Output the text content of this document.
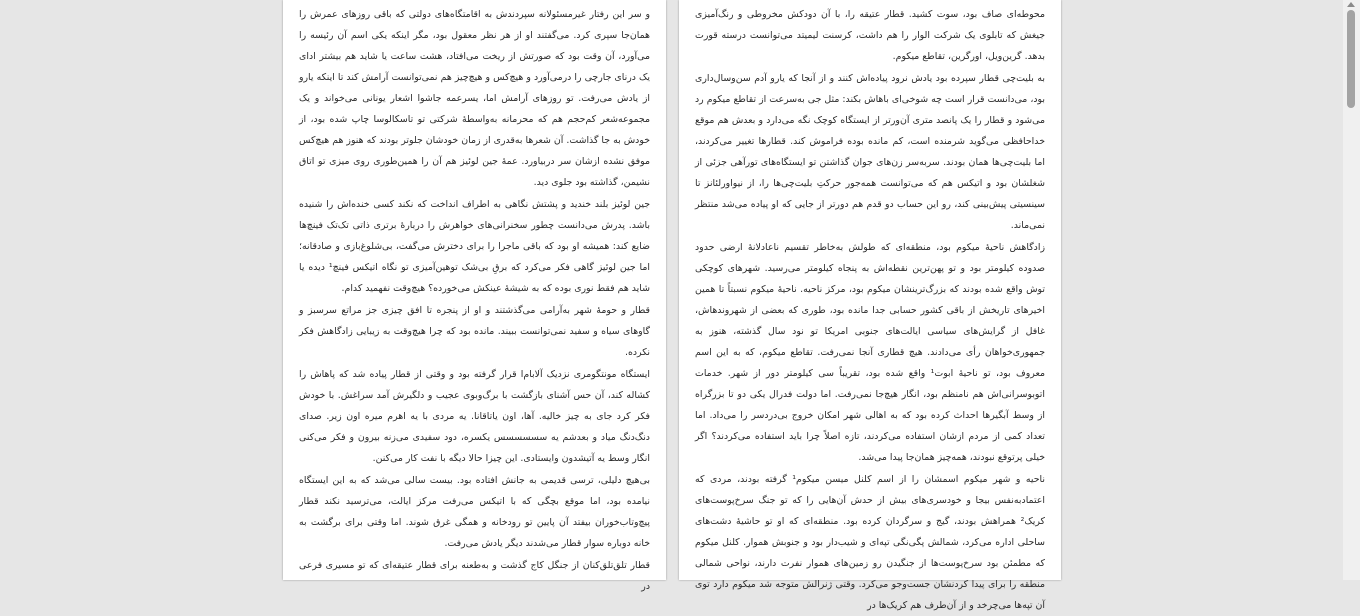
و سر این رفتار غیرمسئولانه سپردندش به اقامتگاه‌های دولتی که باقی روزهای عمرش را همان‌جا سپری کرد. می‌گفتند او از هر نظر معقول بود، مگر اینکه یکی اسم آن رئیسه را می‌آورد، آن وقت بود که صورتش از ریخت می‌افتاد، هشت ساعت یا شاید هم بیشتر ادای یک درنای جارچی را درمی‌آورد و هیچ‌کس و هیچ‌چیز هم نمی‌توانست آرامش کند تا اینکه یارو از یادش می‌رفت. تو روزهای آرامش اما، یسرعمه جاشوا اشعار یونانی می‌خواند و یک مجموعه‌شعر کم‌حجم هم که محرمانه به‌واسطهٔ شرکتی تو تاسکالوسا چاپ شده بود، از خودش به جا گذاشت. آن شعرها به‌قدری از زمان خودشان جلوتر بودند که هنوز هم هیچ‌کس موفق نشده ازشان سر دربیاورد. عمهٔ جین لوئیز هم آن را همین‌طوری روی میزی تو اتاق نشیمن، گذاشته بود جلوی دید.

جین لوئیز بلند خندید و پشتش نگاهی به اطراف انداخت که نکند کسی خنده‌اش را شنیده باشد. پدرش می‌دانست چطور سخنرانی‌های خواهرش را دربارهٔ برتری ذاتی تک‌تک فینچ‌ها ضایع کند: همیشه او بود که باقی ماجرا را برای دخترش می‌گفت، بی‌شلوغ‌بازی و صادقانه؛ اما جین لوئیز گاهی فکر می‌کرد که برقِ بی‌شک توهین‌آمیزی تو نگاه اتیکس فینچ¹ دیده یا شاید هم فقط نوری بوده که به شیشهٔ عینکش می‌خورده؟ هیچ‌وقت نفهمید کدام.

قطار و حومهٔ شهر به‌آرامی می‌گذشتند و او از پنجره تا افق چیزی جز مراتع سرسبز و گاوهای سیاه و سفید نمی‌توانست ببیند. مانده بود که چرا هیچ‌وقت به زیبایی زادگاهش فکر نکرده.

ایستگاه مونتگومری نزدیک آلابام‌ا قرار گرفته بود و وقتی از قطار پیاده شد که پاهاش را کشاله کند، آن حس آشنای بازگشت با برگ‌وبوی عجیب و دلگیرش آمد سراغش. با خودش فکر کرد جای به چیز خالیه. آها، اون یاتاقانا. یه مردی با یه اهرم میره اون زیر. صدای دنگ‌دنگ میاد و بعدشم یه سسسسسس یکسره، دود سفیدی می‌زنه بیرون و فکر می‌کنی انگار وسط یه آتیشدون وایستادی. این چیزا حالا دیگه با نفت کار می‌کنن.

بی‌هیچ دلیلی، ترسی قدیمی به جانش افتاده بود. بیست سالی می‌شد که به این ایستگاه نیامده بود، اما موقع بچگی که با اتیکس می‌رفت مرکز ایالت، می‌ترسید نکند قطار پیچ‌وتاب‌خوران بیفتد آن پایین تو رودخانه و همگی غرق شوند. اما وقتی برای برگشت به خانه دوباره سوار قطار می‌شدند دیگر یادش می‌رفت.

قطار تلق‌تلق‌کنان از جنگل کاج گذشت و به‌طعنه برای قطار عتیقه‌ای که تو مسیری فرعی در

محوطه‌ای صاف بود، سوت کشید. قطار عتیقه را، با آن دودکش مخروطی و رنگ‌آمیزی جیغش که تابلوی یک شرکت الوار را هم داشت، کرسنت لیمیتد می‌توانست درسته قورت بدهد. گرین‌ویل، اورگرین، تقاطع میکوم.

به بلیت‌چی قطار سپرده بود یادش نرود پیاده‌اش کنند و از آنجا که یارو آدم سن‌وسال‌داری بود، می‌دانست قرار است چه شوخی‌ای باهاش بکند: مثل جی به‌سرعت از تقاطع میکوم رد می‌شود و قطار را یک پانصد متری آن‌ورتر از ایستگاه کوچک نگه می‌دارد و بعدش هم موقع خداحافظی می‌گوید شرمنده است، کم مانده بوده فراموش کند. قطارها تغییر می‌کردند، اما بلیت‌چی‌ها همان بودند. سربه‌سر زن‌های جوان گذاشتن تو ایستگاه‌های تورآهی جزئی از شغلشان بود و اتیکس هم که می‌توانست همه‌جور حرکتِ بلیت‌چی‌ها را، از نیواورلئانز تا سینسیتی پیش‌بینی کند، رو این حساب دو قدم هم دورتر از جایی که او پیاده می‌شد منتظر نمی‌ماند.

زادگاهش ناحیهٔ میکوم بود، منطقه‌ای که طولش به‌خاطر تقسیم ناعادلانهٔ ارضی حدود صدوده کیلومتر بود و تو پهن‌ترین نقطه‌اش به پنجاه کیلومتر می‌رسید. شهرهای کوچکی توش واقع شده بودند که بزرگ‌ترینشان میکوم بود، مرکز ناحیه. ناحیهٔ میکوم نسبتاً تا همین اخیرهای تاریخش از باقی کشور حسابی جدا مانده بود، طوری که بعضی از شهروندهاش، غافل از گرایش‌های سیاسی ایالت‌های جنوبی امریکا تو نود سال گذشته، هنوز به جمهوری‌خواهان رأی می‌دادند. هیچ قطاری آنجا نمی‌رفت. تقاطع میکوم، که به این اسم معروف بود، تو ناحیهٔ ابوت¹ واقع شده بود، تقریباً سی کیلومتر دور از شهر. خدمات اتوبوسرانی‌اش هم نامنظم بود، انگار هیچ‌جا نمی‌رفت. اما دولت فدرال یکی دو تا بزرگراه از وسط آبگیرها احداث کرده بود که به اهالی شهر امکان خروج بی‌دردسر را می‌داد. اما تعداد کمی از مردم ازشان استفاده می‌کردند، تازه اصلاً چرا باید استفاده می‌کردند؟ اگر خیلی پرتوقع نبودند، همه‌چیز همان‌جا پیدا می‌شد.

ناحیه و شهر میکوم اسمشان را از اسم کلنل میسن میکوم¹ گرفته بودند، مردی که اعتمادبه‌نفس بیجا و خودسری‌های بیش از حدش آن‌هایی را که تو جنگ سرخ‌پوست‌های کریک² همراهش بودند، گیج و سرگردان کرده بود. منطقه‌ای که او تو حاشیهٔ دشت‌های ساحلی اداره می‌کرد، شمالش پگی‌نگی تپه‌ای و شیب‌دار بود و جنوبش هموار. کلنل میکوم که مطمئن بود سرخ‌پوست‌ها از جنگیدن رو زمین‌های هموار نفرت دارند، نواحی شمالی منطقه را برای پیدا کردنشان جست‌وجو می‌کرد. وقتی ژنرالش متوجه شد میکوم دارد توی آن تپه‌ها می‌چرخد و از آن‌طرف هم کریک‌ها در
